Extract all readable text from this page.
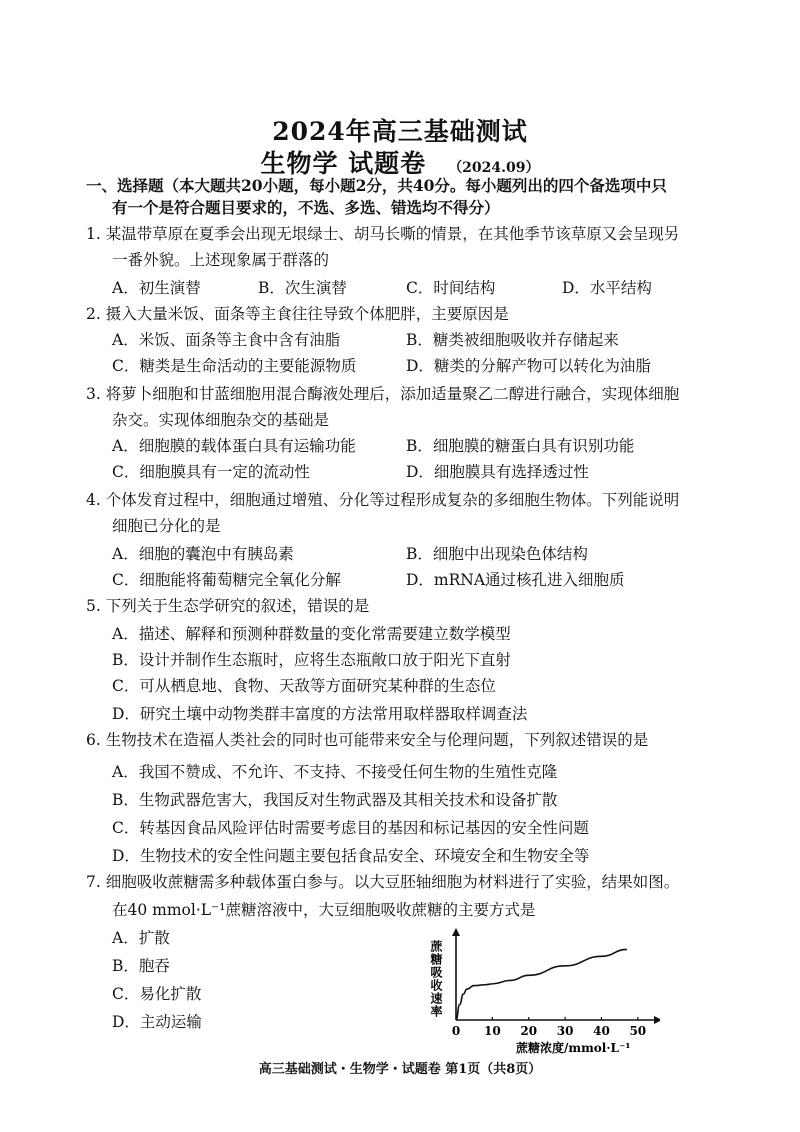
2024年高三基础测试
生物学 试题卷 （2024.09）
一、选择题（本大题共20小题，每小题2分，共40分。每小题列出的四个备选项中只
有一个是符合题目要求的，不选、多选、错选均不得分）
1. 某温带草原在夏季会出现无垠绿士、胡马长嘶的情景，在其他季节该草原又会呈现另
一番外貌。上述现象属于群落的
A．初生演替	B．次生演替	C．时间结构	D．水平结构
2. 摄入大量米饭、面条等主食往往导致个体肥胖，主要原因是
A．米饭、面条等主食中含有油脂	B．糖类被细胞吸收并存储起来
C．糖类是生命活动的主要能源物质	D．糖类的分解产物可以转化为油脂
3. 将萝卜细胞和甘蓝细胞用混合酶液处理后，添加适量聚乙二醇进行融合，实现体细胞
杂交。实现体细胞杂交的基础是
A．细胞膜的载体蛋白具有运输功能	B．细胞膜的糖蛋白具有识别功能
C．细胞膜具有一定的流动性	D．细胞膜具有选择透过性
4. 个体发育过程中，细胞通过增殖、分化等过程形成复杂的多细胞生物体。下列能说明
细胞已分化的是
A．细胞的囊泡中有胰岛素	B．细胞中出现染色体结构
C．细胞能将葡萄糖完全氧化分解	D．mRNA通过核孔进入细胞质
5. 下列关于生态学研究的叙述，错误的是
A．描述、解释和预测种群数量的变化常需要建立数学模型
B．设计并制作生态瓶时，应将生态瓶敞口放于阳光下直射
C．可从栖息地、食物、天敌等方面研究某种群的生态位
D．研究土壤中动物类群丰富度的方法常用取样器取样调查法
6. 生物技术在造福人类社会的同时也可能带来安全与伦理问题，下列叙述错误的是
A．我国不赞成、不允许、不支持、不接受任何生物的生殖性克隆
B．生物武器危害大，我国反对生物武器及其相关技术和设备扩散
C．转基因食品风险评估时需要考虑目的基因和标记基因的安全性问题
D．生物技术的安全性问题主要包括食品安全、环境安全和生物安全等
7. 细胞吸收蔗糖需多种载体蛋白参与。以大豆胚轴细胞为材料进行了实验，结果如图。
在40 mmol·L⁻¹蔗糖溶液中，大豆细胞吸收蔗糖的主要方式是
A．扩散
B．胞吞
C．易化扩散
D．主动运输	0 10 20 30 40 50
蔗糖吸收速率
蔗糖浓度/mmol·L⁻¹
高三基础测试・生物学・试题卷 第1页（共8页）
